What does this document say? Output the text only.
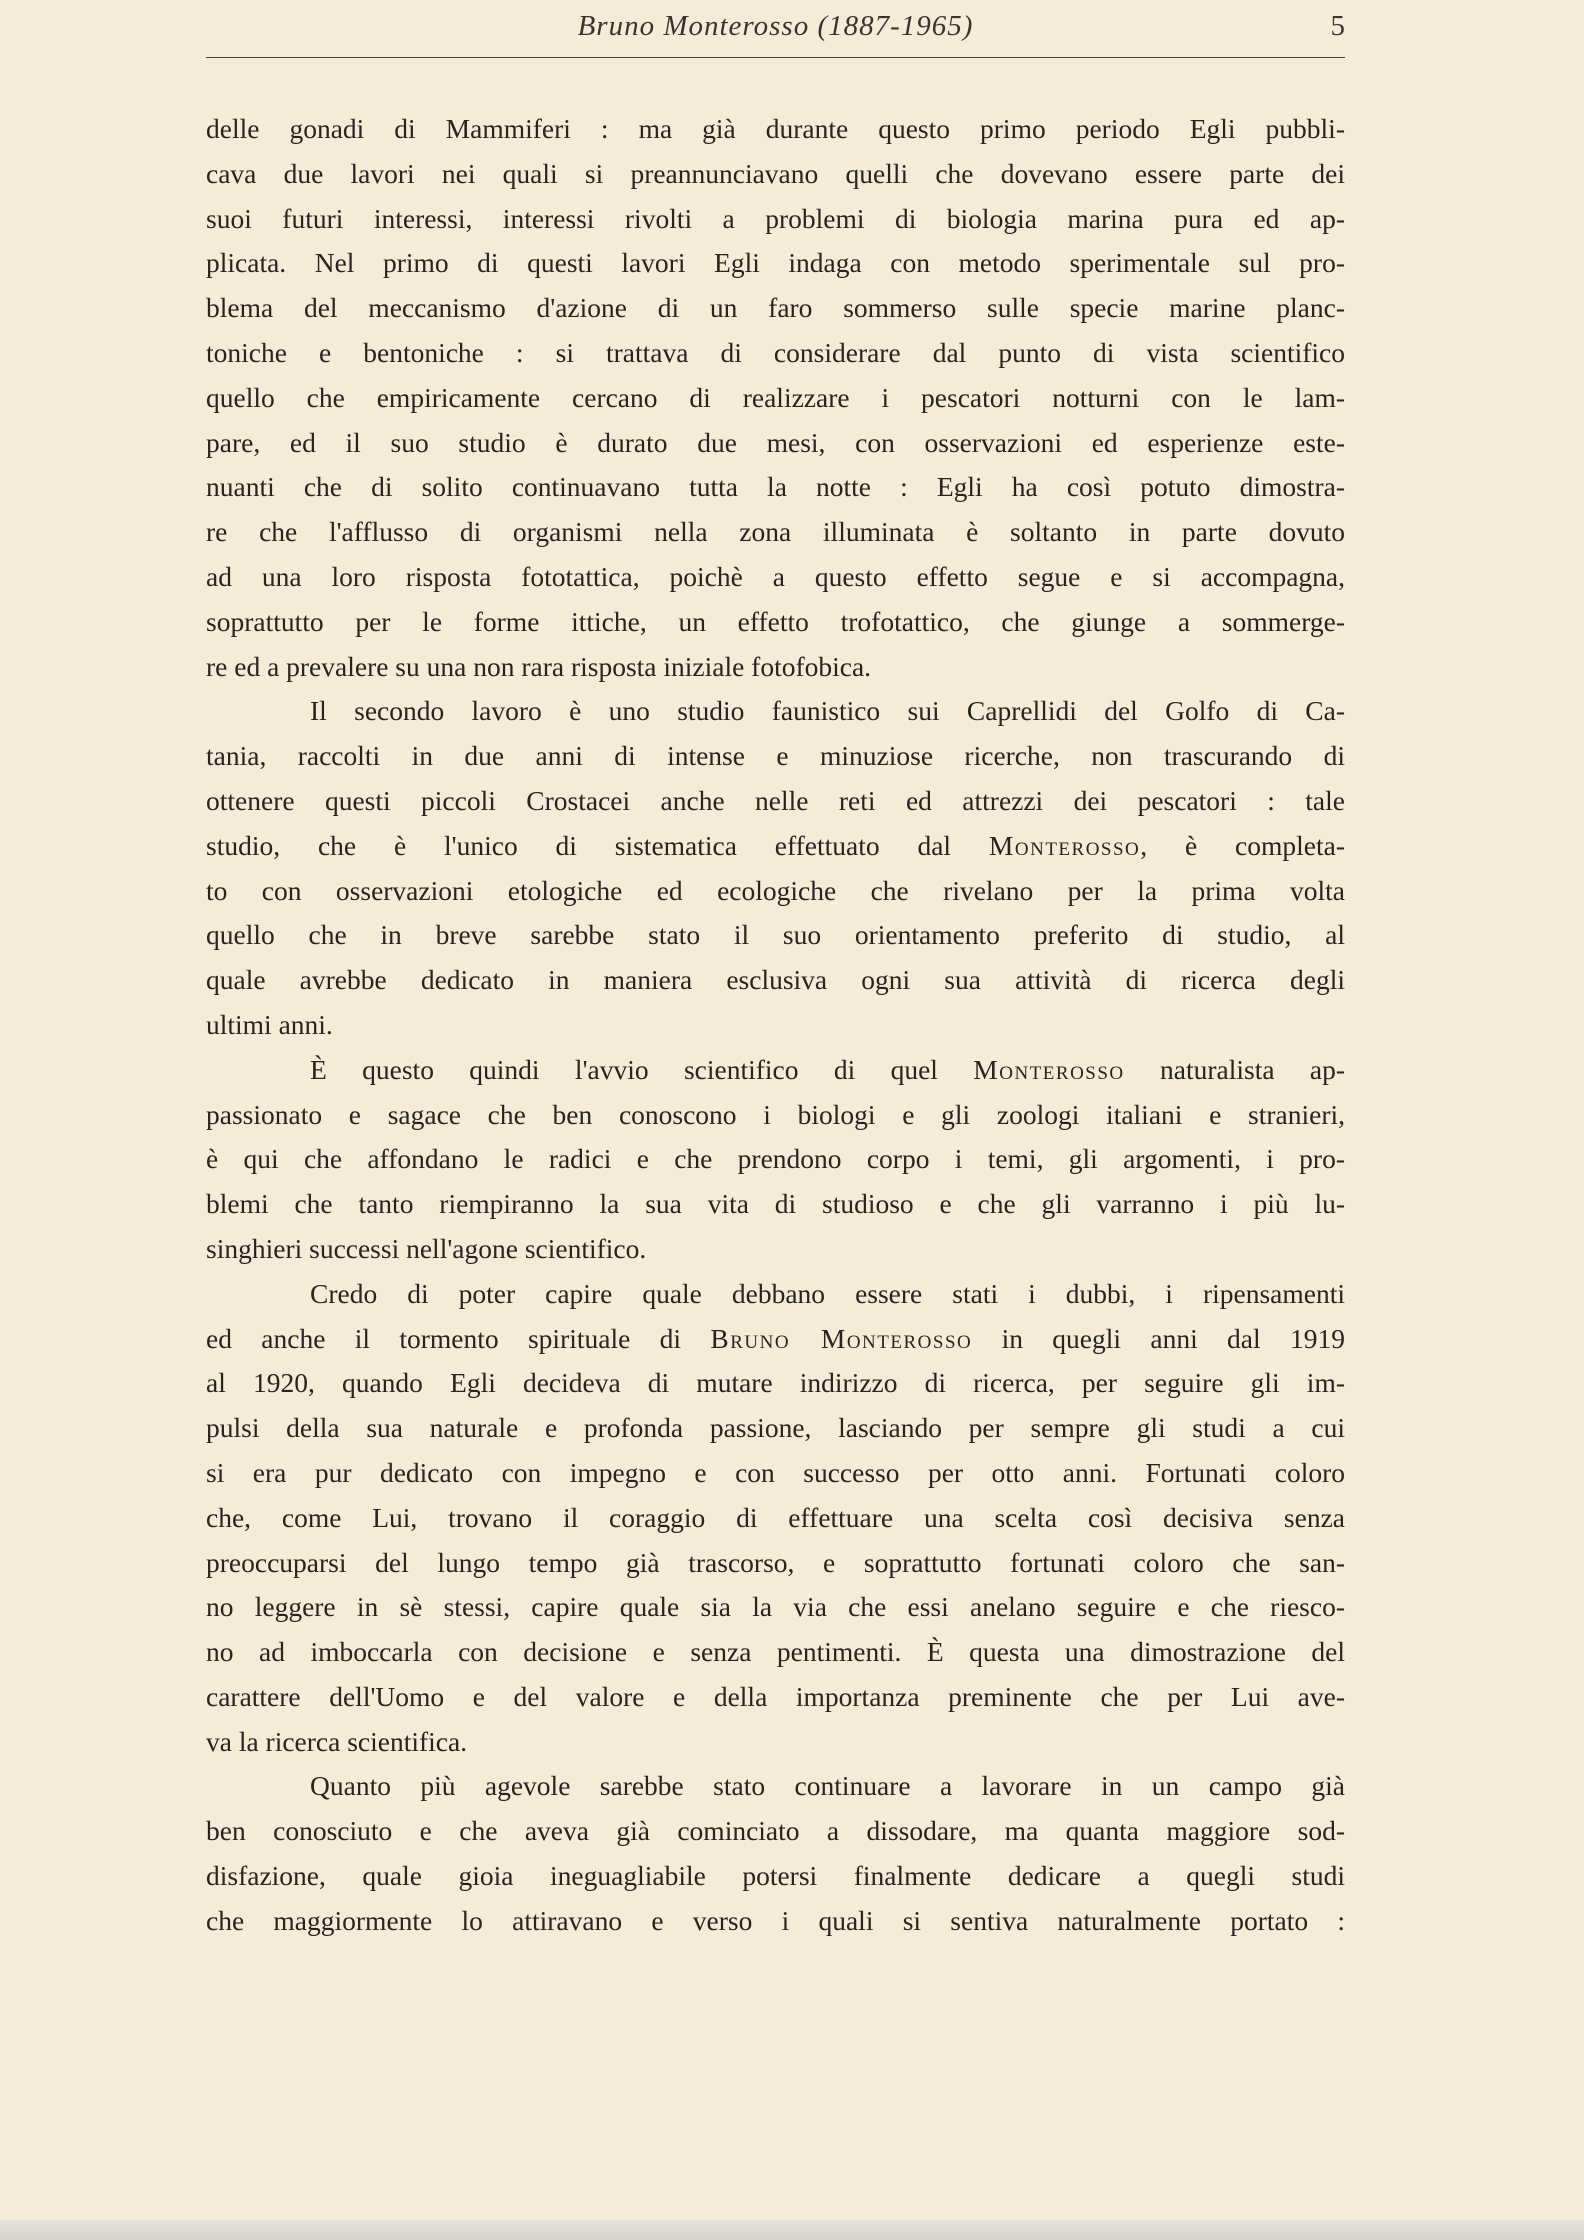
Bruno Monterosso (1887-1965)	5

delle gonadi di Mammiferi : ma già durante questo primo periodo Egli pubbli-
cava due lavori nei quali si preannunciavano quelli che dovevano essere parte dei
suoi futuri interessi, interessi rivolti a problemi di biologia marina pura ed ap-
plicata. Nel primo di questi lavori Egli indaga con metodo sperimentale sul pro-
blema del meccanismo d'azione di un faro sommerso sulle specie marine planc-
toniche e bentoniche : si trattava di considerare dal punto di vista scientifico
quello che empiricamente cercano di realizzare i pescatori notturni con le lam-
pare, ed il suo studio è durato due mesi, con osservazioni ed esperienze este-
nuanti che di solito continuavano tutta la notte : Egli ha così potuto dimostra-
re che l'afflusso di organismi nella zona illuminata è soltanto in parte dovuto
ad una loro risposta fototattica, poichè a questo effetto segue e si accompagna,
soprattutto per le forme ittiche, un effetto trofotattico, che giunge a sommerge-
re ed a prevalere su una non rara risposta iniziale fotofobica.

Il secondo lavoro è uno studio faunistico sui Caprellidi del Golfo di Ca-
tania, raccolti in due anni di intense e minuziose ricerche, non trascurando di
ottenere questi piccoli Crostacei anche nelle reti ed attrezzi dei pescatori : tale
studio, che è l'unico di sistematica effettuato dal Monterosso, è completa-
to con osservazioni etologiche ed ecologiche che rivelano per la prima volta
quello che in breve sarebbe stato il suo orientamento preferito di studio, al
quale avrebbe dedicato in maniera esclusiva ogni sua attività di ricerca degli
ultimi anni.

È questo quindi l'avvio scientifico di quel Monterosso naturalista ap-
passionato e sagace che ben conoscono i biologi e gli zoologi italiani e stranieri,
è qui che affondano le radici e che prendono corpo i temi, gli argomenti, i pro-
blemi che tanto riempiranno la sua vita di studioso e che gli varranno i più lu-
singhieri successi nell'agone scientifico.

Credo di poter capire quale debbano essere stati i dubbi, i ripensamenti
ed anche il tormento spirituale di Bruno Monterosso in quegli anni dal 1919
al 1920, quando Egli decideva di mutare indirizzo di ricerca, per seguire gli im-
pulsi della sua naturale e profonda passione, lasciando per sempre gli studi a cui
si era pur dedicato con impegno e con successo per otto anni. Fortunati coloro
che, come Lui, trovano il coraggio di effettuare una scelta così decisiva senza
preoccuparsi del lungo tempo già trascorso, e soprattutto fortunati coloro che san-
no leggere in sè stessi, capire quale sia la via che essi anelano seguire e che riesco-
no ad imboccarla con decisione e senza pentimenti. È questa una dimostrazione del
carattere dell'Uomo e del valore e della importanza preminente che per Lui ave-
va la ricerca scientifica.

Quanto più agevole sarebbe stato continuare a lavorare in un campo già
ben conosciuto e che aveva già cominciato a dissodare, ma quanta maggiore sod-
disfazione, quale gioia ineguagliabile potersi finalmente dedicare a quegli studi
che maggiormente lo attiravano e verso i quali si sentiva naturalmente portato :
